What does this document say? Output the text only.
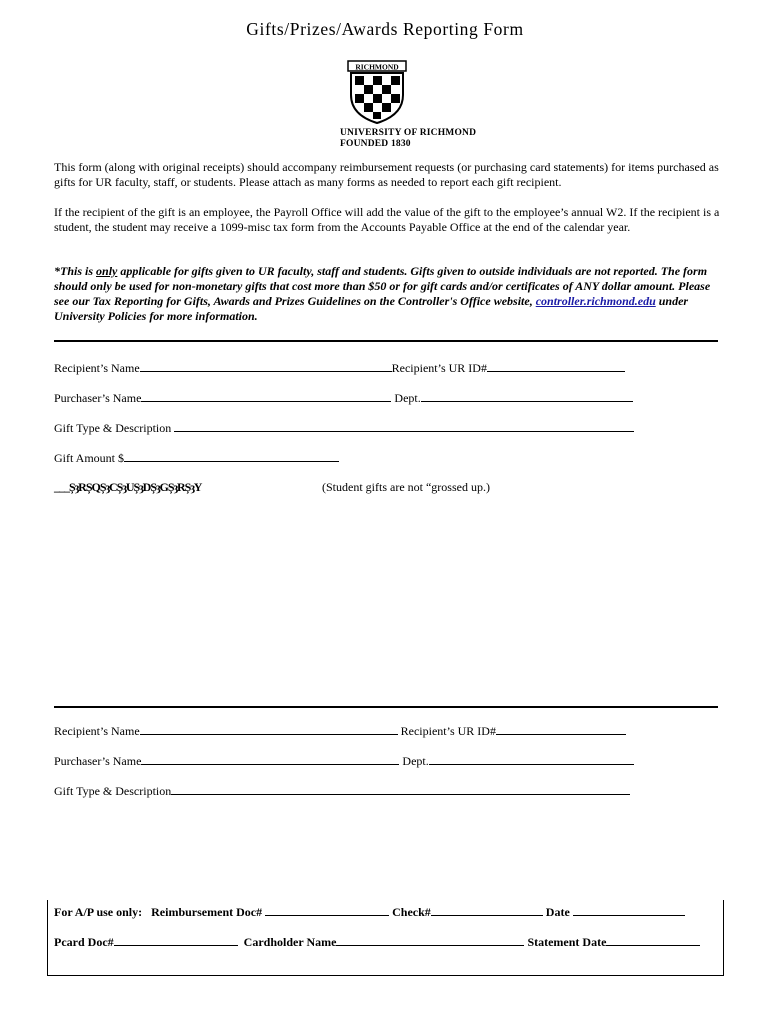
Gifts/Prizes/Awards Reporting Form
RICHMOND
UNIVERSITY OF RICHMOND
FOUNDED 1830
This form (along with original receipts) should accompany reimbursement requests (or purchasing card statements) for items purchased as gifts for UR faculty, staff, or students. Please attach as many forms as needed to report each gift recipient.
If the recipient of the gift is an employee, the Payroll Office will add the value of the gift to the employee’s annual W2. If the recipient is a student, the student may receive a 1099-misc tax form from the Accounts Payable Office at the end of the calendar year.
*This is only applicable for gifts given to UR faculty, staff and students. Gifts given to outside individuals are not reported. The form should only be used for non-monetary gifts that cost more than $50 or for gift cards and/or certificates of ANY dollar amount. Please see our Tax Reporting for Gifts, Awards and Prizes Guidelines on the Controller's Office website, controller.richmond.edu under University Policies for more information.
Recipient’s Name	Recipient’s UR ID#
Purchaser’s Name	Dept.
Gift Type & Description
Gift Amount $
___ȘȝRȘQȘȝCȘȝUȘȝDȘȝGȘȝRȘȝY	(Student gifts are not “grossed up.)
Recipient’s Name	Recipient’s UR ID#
Purchaser’s Name	Dept.
Gift Type & Description
For A/P use only: Reimbursement Doc#	Check#	Date
Pcard Doc#	Cardholder Name	Statement Date
